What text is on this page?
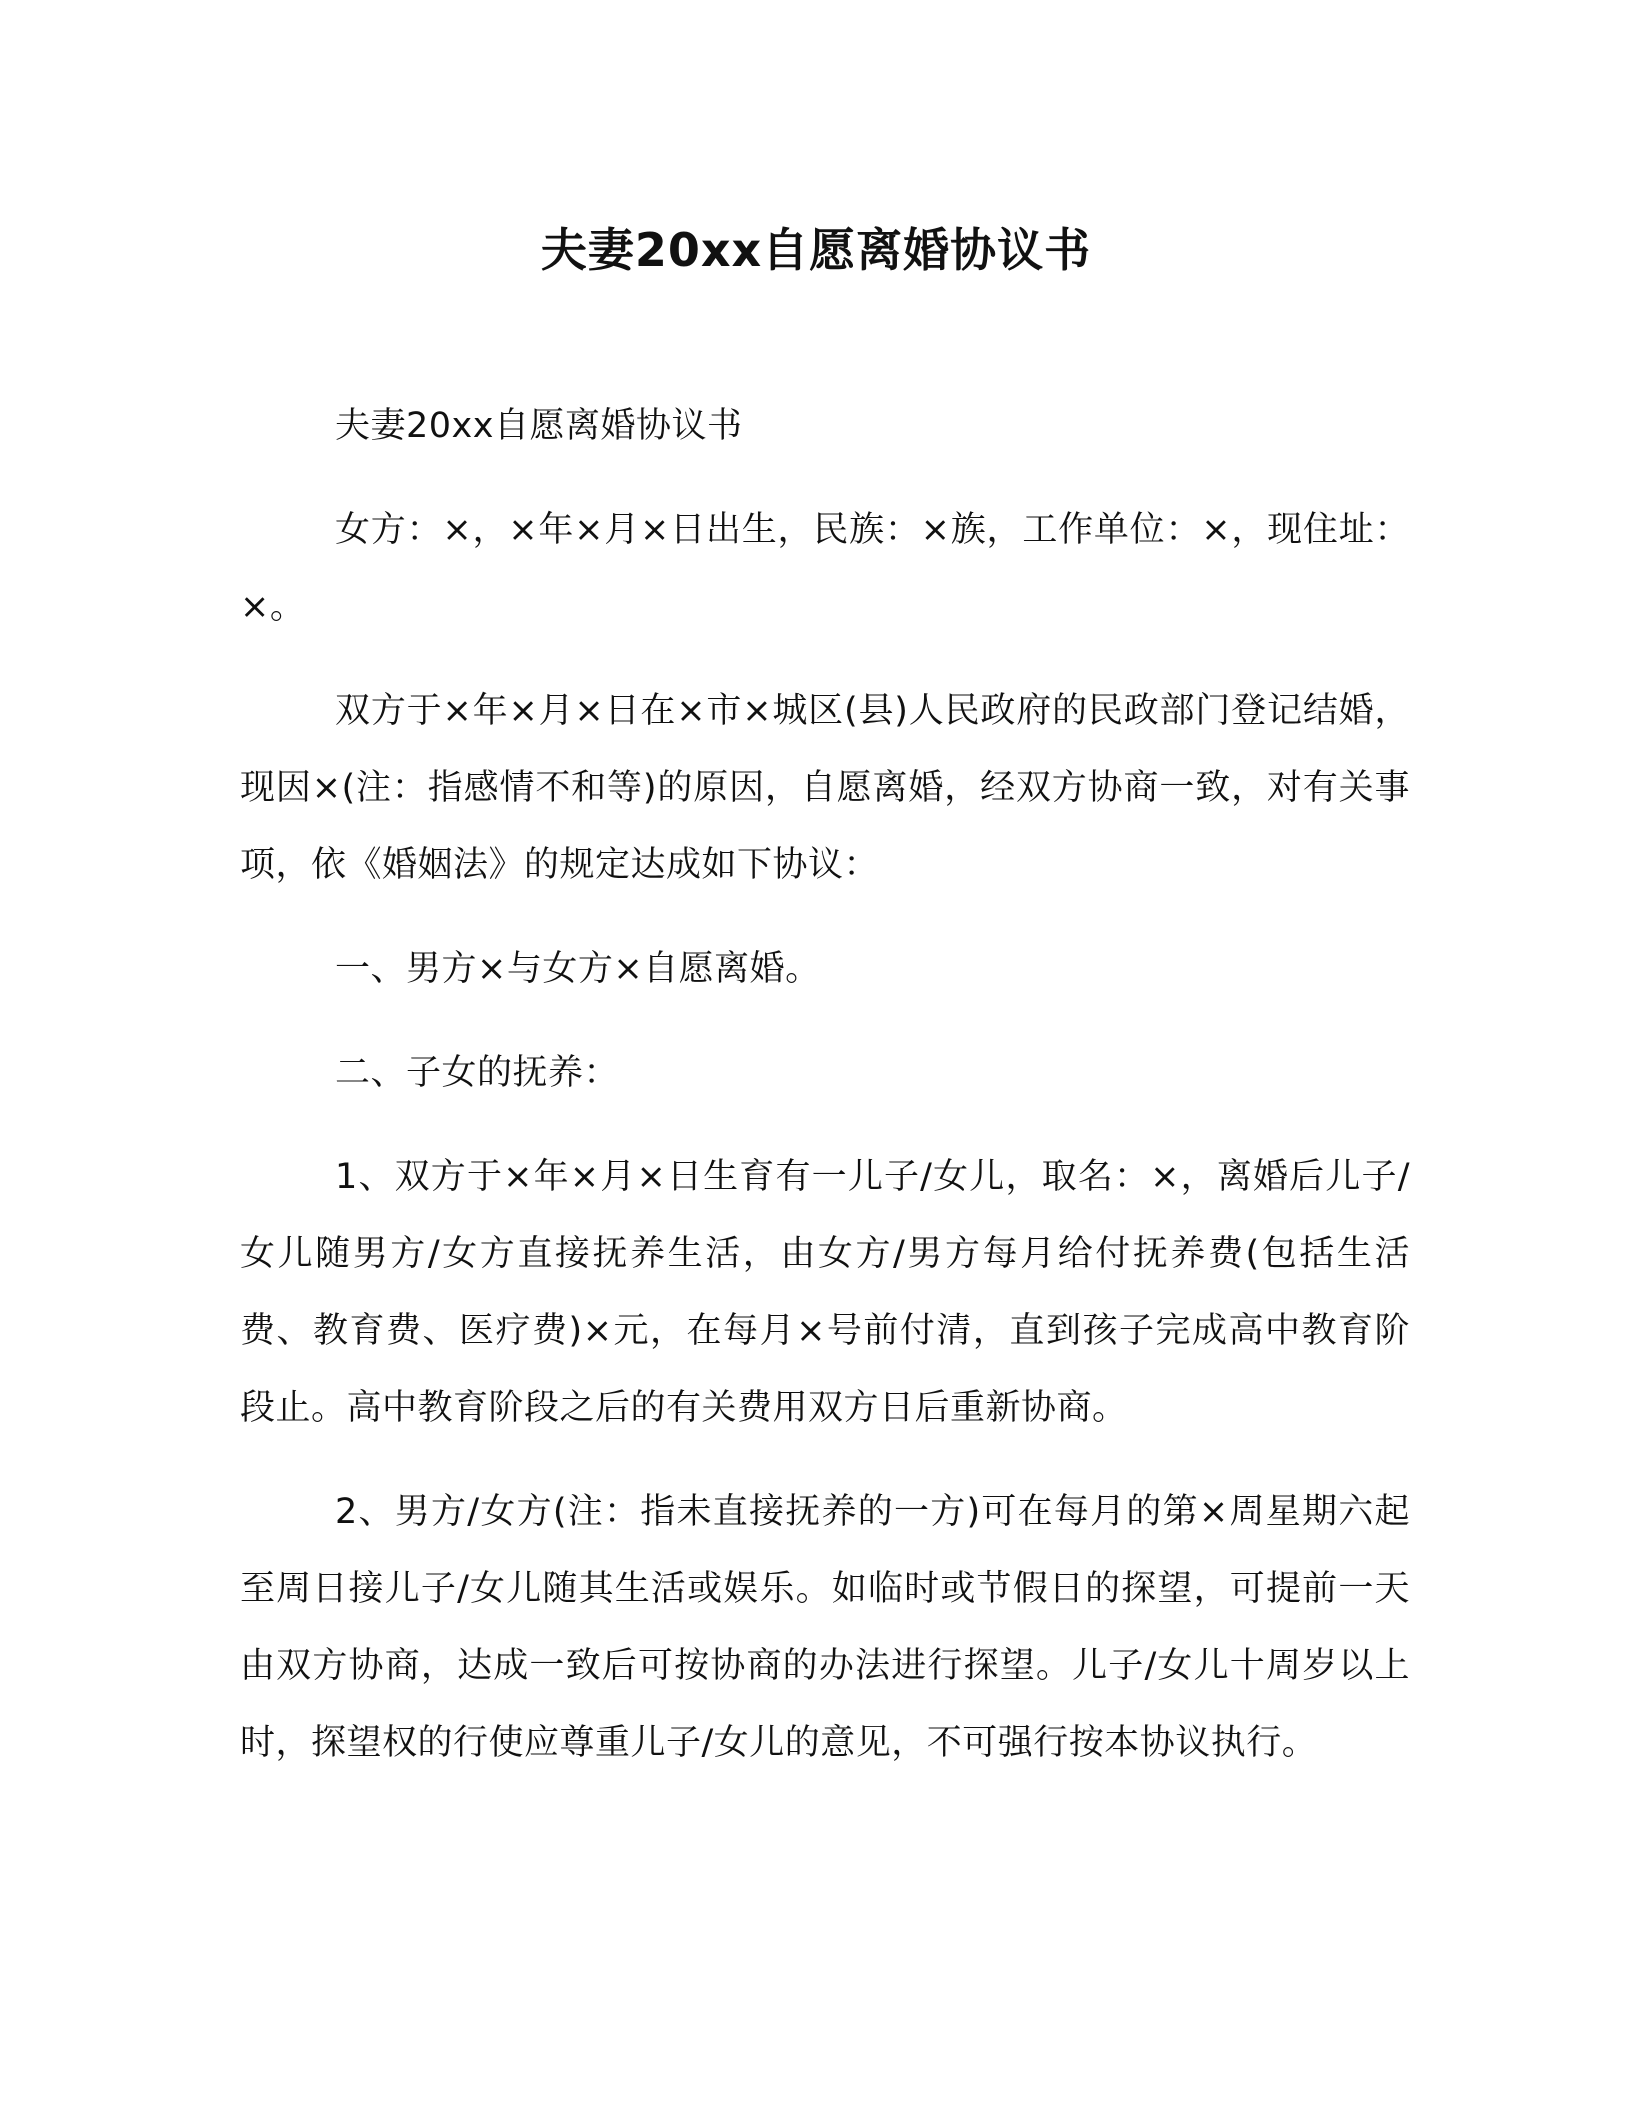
夫妻20xx自愿离婚协议书

夫妻20xx自愿离婚协议书

女方：×，×年×月×日出生，民族：×族，工作单位：×，现住址：×。

双方于×年×月×日在×市×城区(县)人民政府的民政部门登记结婚，现因×(注：指感情不和等)的原因，自愿离婚，经双方协商一致，对有关事项，依《婚姻法》的规定达成如下协议：

一、男方×与女方×自愿离婚。

二、子女的抚养：

1、双方于×年×月×日生育有一儿子/女儿，取名：×，离婚后儿子/女儿随男方/女方直接抚养生活，由女方/男方每月给付抚养费(包括生活费、教育费、医疗费)×元，在每月×号前付清，直到孩子完成高中教育阶段止。高中教育阶段之后的有关费用双方日后重新协商。

2、男方/女方(注：指未直接抚养的一方)可在每月的第×周星期六起至周日接儿子/女儿随其生活或娱乐。如临时或节假日的探望，可提前一天由双方协商，达成一致后可按协商的办法进行探望。儿子/女儿十周岁以上时，探望权的行使应尊重儿子/女儿的意见，不可强行按本协议执行。
